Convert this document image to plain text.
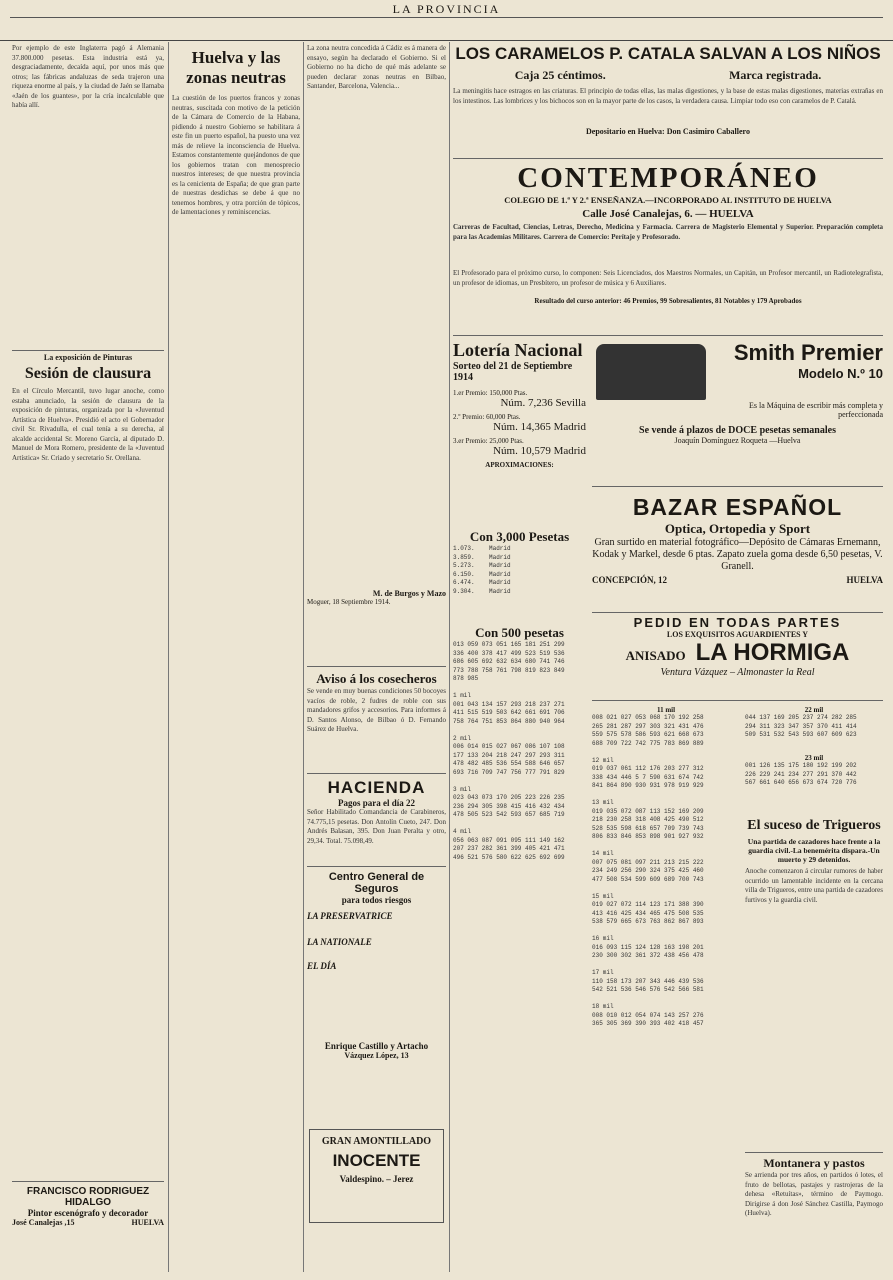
LA PROVINCIA
Por ejemplo de este Inglaterra pagó á Alemania 37.800.000 pesetas. Esta industria está ya, desgraciadamente, decaída aquí, por unos más que otros; las fábricas andaluzas de seda trajeron una riqueza enorme al país, y la ciudad de Jaén se llamaba «Jaén de los guantes», por la cría incalculable que había allí.
La exposición de Pinturas
Sesión de clausura
En el Círculo Mercantil, tuvo lugar anoche, como estaba anunciado, la sesión de clausura de la exposición de pinturas, organizada por la «Juventud Artística de Huelva». Presidió el acto el Gobernador civil Sr. Rivadulla, el cual tenía a su derecha, al alcalde accidental Sr. Moreno García, al diputado D. Manuel de Mora Romero, presidente de la «Juventud Artística» Sr. Criado y secretario Sr. Orellana.
FRANCISCO RODRIGUEZ HIDALGO
Pintor escenógrafo y decorador
José Canalejas ,15	HUELVA
Huelva y las zonas neutras
La cuestión de los puertos francos y zonas neutras, suscitada con motivo de la petición de la Cámara de Comercio de la Habana, pidiendo á nuestro Gobierno se habilitara á este fin un puerto español, ha puesto una vez más de relieve la inconsciencia de Huelva. Estamos constantemente quejándonos de que los gobiernos tratan con menosprecio nuestros intereses; de que nuestra provincia es la cenicienta de España; de que gran parte de nuestras desdichas se debe á que no tenemos hombres, y otra porción de tópicos, de lamentaciones y reminiscencias.
La zona neutra concedida á Cádiz es á manera de ensayo, según ha declarado el Gobierno. Si el Gobierno no ha dicho de qué más adelante se pueden declarar zonas neutras en Bilbao, Santander, Barcelona, Valencia...
M. de Burgos y Mazo
Moguer, 18 Septiembre 1914.
Aviso á los cosecheros
Se vende en muy buenas condiciones 50 bocoyes vacíos de roble, 2 fudres de roble con sus mandadores grifos y accesorios. Para informes á D. Santos Alonso, de Bilbao ó D. Fernando Suárez de Huelva.
HACIENDA
Pagos para el día 22
Señor Habilitado Comandancia de Carabineros, 74.775,15 pesetas. Don Antolín Cueto, 247. Don Andrés Balasan, 395. Don Juan Peralta y otro, 29,34. Total. 75.098,49.
Centro General de Seguros
para todos riesgos
LA PRESERVATRICE
LA NATIONALE
EL DÍA
Enrique Castillo y Artacho
Vázquez López, 13
GRAN AMONTILLADO
INOCENTE
Valdespino. – Jerez
LOS CARAMELOS P. CATALA SALVAN A LOS NIÑOS
Caja 25 céntimos.	Marca registrada.
La meningitis hace estragos en las criaturas. El principio de todas ellas, las malas digestiones, y la base de estas malas digestiones, materias extrañas en los intestinos. Las lombrices y los bichocos son en la mayor parte de los casos, la verdadera causa. Limpiar todo eso con caramelos de P. Catalá.
Depositario en Huelva: Don Casimiro Caballero
CONTEMPORÁNEO
COLEGIO DE 1.ª Y 2.ª ENSEÑANZA.—INCORPORADO AL INSTITUTO DE HUELVA
Calle José Canalejas, 6. — HUELVA
Carreras de Facultad, Ciencias, Letras, Derecho, Medicina y Farmacia. Carrera de Magisterio Elemental y Superior. Preparación completa para las Academias Militares. Carrera de Comercio: Perítaje y Profesorado.
El Profesorado para el próximo curso, lo componen: Seis Licenciados, dos Maestros Normales, un Capitán, un Profesor mercantil, un Radiotelegrafista, un profesor de idiomas, un Presbítero, un profesor de música y 6 Auxiliares.
Resultado del curso anterior: 46 Premios, 99 Sobresalientes, 81 Notables y 179 Aprobados
Lotería Nacional
Sorteo del 21 de Septiembre 1914
1.er Premio: 150,000 Ptas.
Núm. 7,236 Sevilla
2.º Premio: 60,000 Ptas.
Núm. 14,365 Madrid
3.er Premio: 25,000 Ptas.
Núm. 10,579 Madrid
APROXIMACIONES:
Con 3,000 Pesetas
1.073.    Madrid
3.859.    Madrid
5.273.    Madrid
6.150.    Madrid
6.474.    Madrid
9.304.    Madrid
Con 500 pesetas
013 059 073 051 165 181 251 299
336 400 378 417 499 523 519 536
686 605 692 632 634 680 741 746
773 788 758 761 798 819 823 849
878 985

1 mil
001 043 134 157 293 218 237 271
411 515 519 503 642 661 691 706
758 764 751 853 864 880 940 964

2 mil
006 014 015 027 067 086 107 108
177 133 204 218 247 297 293 311
478 482 485 536 554 588 646 657
693 716 709 747 756 777 791 829

3 mil
023 043 073 170 205 223 226 235
236 294 305 398 415 416 432 434
478 505 523 542 593 657 685 719

4 mil
056 063 087 091 095 111 149 162
207 237 282 361 399 405 421 471
496 521 576 580 622 625 692 699
Smith Premier
Modelo N.º 10
Es la Máquina de escribir más completa y perfeccionada
Se vende á plazos de DOCE pesetas semanales
Joaquín Domínguez Roqueta —Huelva
BAZAR ESPAÑOL
Optica, Ortopedia y Sport
Gran surtido en material fotográfico—Depósito de Cámaras Ernemann, Kodak y Markel, desde 6 ptas. Zapato zuela goma desde 6,50 pesetas, V. Granell.
CONCEPCIÓN, 12	HUELVA
PEDID EN TODAS PARTES
LOS EXQUISITOS AGUARDIENTES Y
ANISADO LA HORMIGA
Ventura Vázquez – Almonaster la Real
11 mil
008 021 027 053 068 170 192 258
265 281 287 297 303 321 431 476
559 575 578 586 593 621 668 673
688 709 722 742 775 783 869 889

12 mil
019 037 061 112 176 203 277 312
338 434 446 5 7 590 631 674 742
841 864 890 930 931 978 919 929

13 mil
019 035 072 087 113 152 169 209
218 230 258 318 408 425 490 512
528 535 598 618 657 709 739 743
806 833 846 853 898 901 927 932

14 mil
007 075 081 097 211 213 215 222
234 249 256 290 324 375 425 460
477 508 534 599 609 689 700 743

15 mil
019 027 072 114 123 171 388 390
413 416 425 434 465 475 508 535
538 579 665 673 763 862 867 893

16 mil
016 093 115 124 128 163 198 201
230 300 302 361 372 438 456 478

17 mil
110 158 173 207 343 446 439 536
542 521 536 546 576 542 566 581

18 mil
008 010 012 054 074 143 257 276
365 305 369 390 393 402 418 457
22 mil
044 137 169 205 237 274 282 285
294 311 323 347 357 370 411 414
509 531 532 543 593 607 609 623
23 mil
001 126 135 175 180 192 199 202
226 229 241 234 277 291 370 442
567 661 640 656 673 674 720 776
El suceso de Trigueros
Una partida de cazadores hace frente a la guardia civil.-La benemérita dispara.-Un muerto y 29 detenidos.
Anoche comenzaron á circular rumores de haber ocurrido un lamentable incidente en la cercana villa de Trigueros, entre una partida de cazadores furtivos y la guardia civil.
Montanera y pastos
Se arrienda por tres años, en partidos ó lotes, el fruto de bellotas, pastajes y rastrojeras de la dehesa «Retuítas», término de Paymogo. Dirigirse á don José Sánchez Castilla, Paymogo (Huelva).
